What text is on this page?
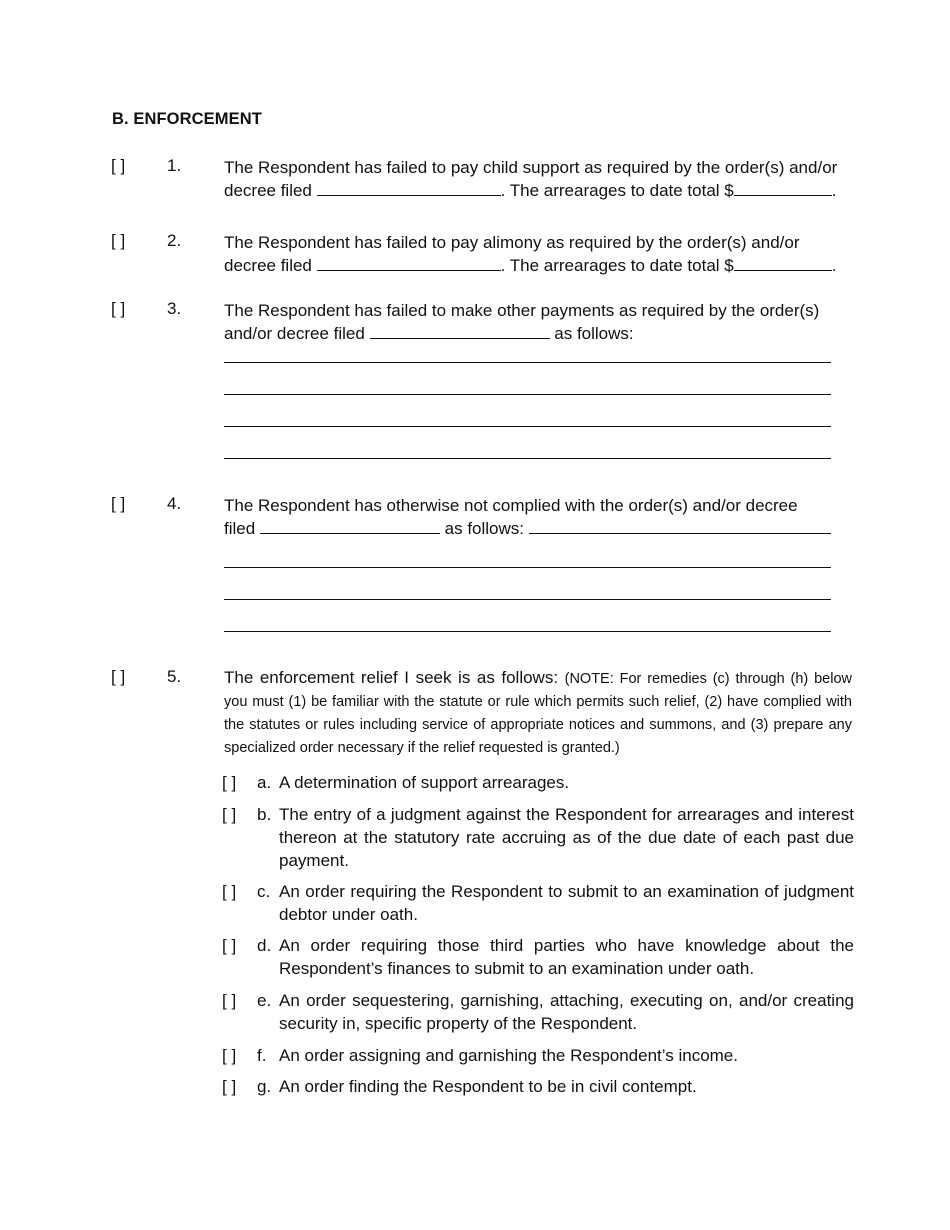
B. ENFORCEMENT
[ ] 1.	The Respondent has failed to pay child support as required by the order(s) and/or
decree filed	. The arrearages to date total $	.
[ ] 2.	The Respondent has failed to pay alimony as required by the order(s) and/or
decree filed	. The arrearages to date total $	.
[ ] 3.	The Respondent has failed to make other payments as required by the order(s)
and/or decree filed	as follows:
[ ] 4.	The Respondent has otherwise not complied with the order(s) and/or decree
filed	as follows:
[ ] 5.	The enforcement relief I seek is as follows: (NOTE: For remedies (c) through (h) below you must (1) be familiar with the statute or rule which permits such relief, (2) have complied with the statutes or rules including service of appropriate notices and summons, and (3) prepare any specialized order necessary if the relief requested is granted.)
[ ] a. A determination of support arrearages.
[ ] b. The entry of a judgment against the Respondent for arrearages and interest thereon at the statutory rate accruing as of the due date of each past due payment.
[ ] c. An order requiring the Respondent to submit to an examination of judgment debtor under oath.
[ ] d. An order requiring those third parties who have knowledge about the Respondent’s finances to submit to an examination under oath.
[ ] e. An order sequestering, garnishing, attaching, executing on, and/or creating security in, specific property of the Respondent.
[ ] f. An order assigning and garnishing the Respondent’s income.
[ ] g. An order finding the Respondent to be in civil contempt.
